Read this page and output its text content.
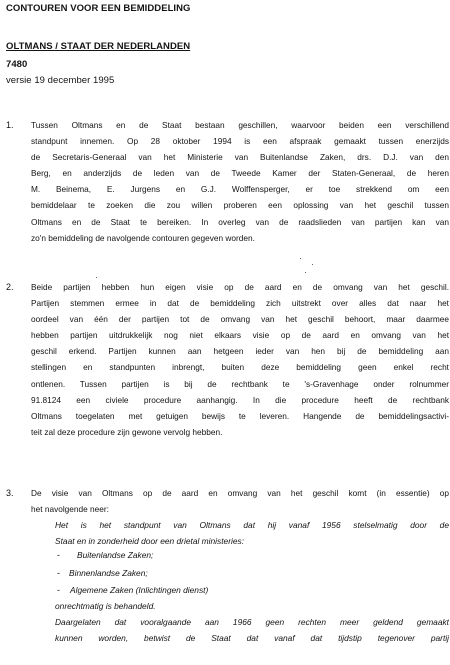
CONTOUREN VOOR EEN BEMIDDELING
OLTMANS / STAAT DER NEDERLANDEN
7480
versie 19 december 1995
1. Tussen Oltmans en de Staat bestaan geschillen, waarvoor beiden een verschillend
standpunt innemen. Op 28 oktober 1994 is een afspraak gemaakt tussen enerzijds
de Secretaris-Generaal van het Ministerie van Buitenlandse Zaken, drs. D.J. van den
Berg, en anderzijds de leden van de Tweede Kamer der Staten-Generaal, de heren
M. Beinema, E. Jurgens en G.J. Wolffensperger, er toe strekkend om een
bemiddelaar te zoeken die zou willen proberen een oplossing van het geschil tussen
Oltmans en de Staat te bereiken. In overleg van de raadslieden van partijen kan van
zo'n bemiddeling de navolgende contouren gegeven worden.
2. Beide partijen hebben hun eigen visie op de aard en de omvang van het geschil.
Partijen stemmen ermee in dat de bemiddeling zich uitstrekt over alles dat naar het
oordeel van één der partijen tot de omvang van het geschil behoort, maar daarmee
hebben partijen uitdrukkelijk nog niet elkaars visie op de aard en omvang van het
geschil erkend. Partijen kunnen aan hetgeen ieder van hen bij de bemiddeling aan
stellingen en standpunten inbrengt, buiten deze bemiddeling geen enkel recht
ontlenen. Tussen partijen is bij de rechtbank te 's-Gravenhage onder rolnummer
91.8124 een civiele procedure aanhangig. In die procedure heeft de rechtbank
Oltmans toegelaten met getuigen bewijs te leveren. Hangende de bemiddelingsactivi-
teit zal deze procedure zijn gewone vervolg hebben.
3. De visie van Oltmans op de aard en omvang van het geschil komt (in essentie) op
het navolgende neer:
Het is het standpunt van Oltmans dat hij vanaf 1956 stelselmatig door de
Staat en in zonderheid door een drietal ministeries:
- Buitenlandse Zaken;
- Binnenlandse Zaken;
- Algemene Zaken (Inlichtingen dienst)
onrechtmatig is behandeld.
Daargelaten dat vooralgaande aan 1966 geen rechten meer geldend gemaakt
kunnen worden, betwist de Staat dat vanaf dat tijdstip tegenover partij
